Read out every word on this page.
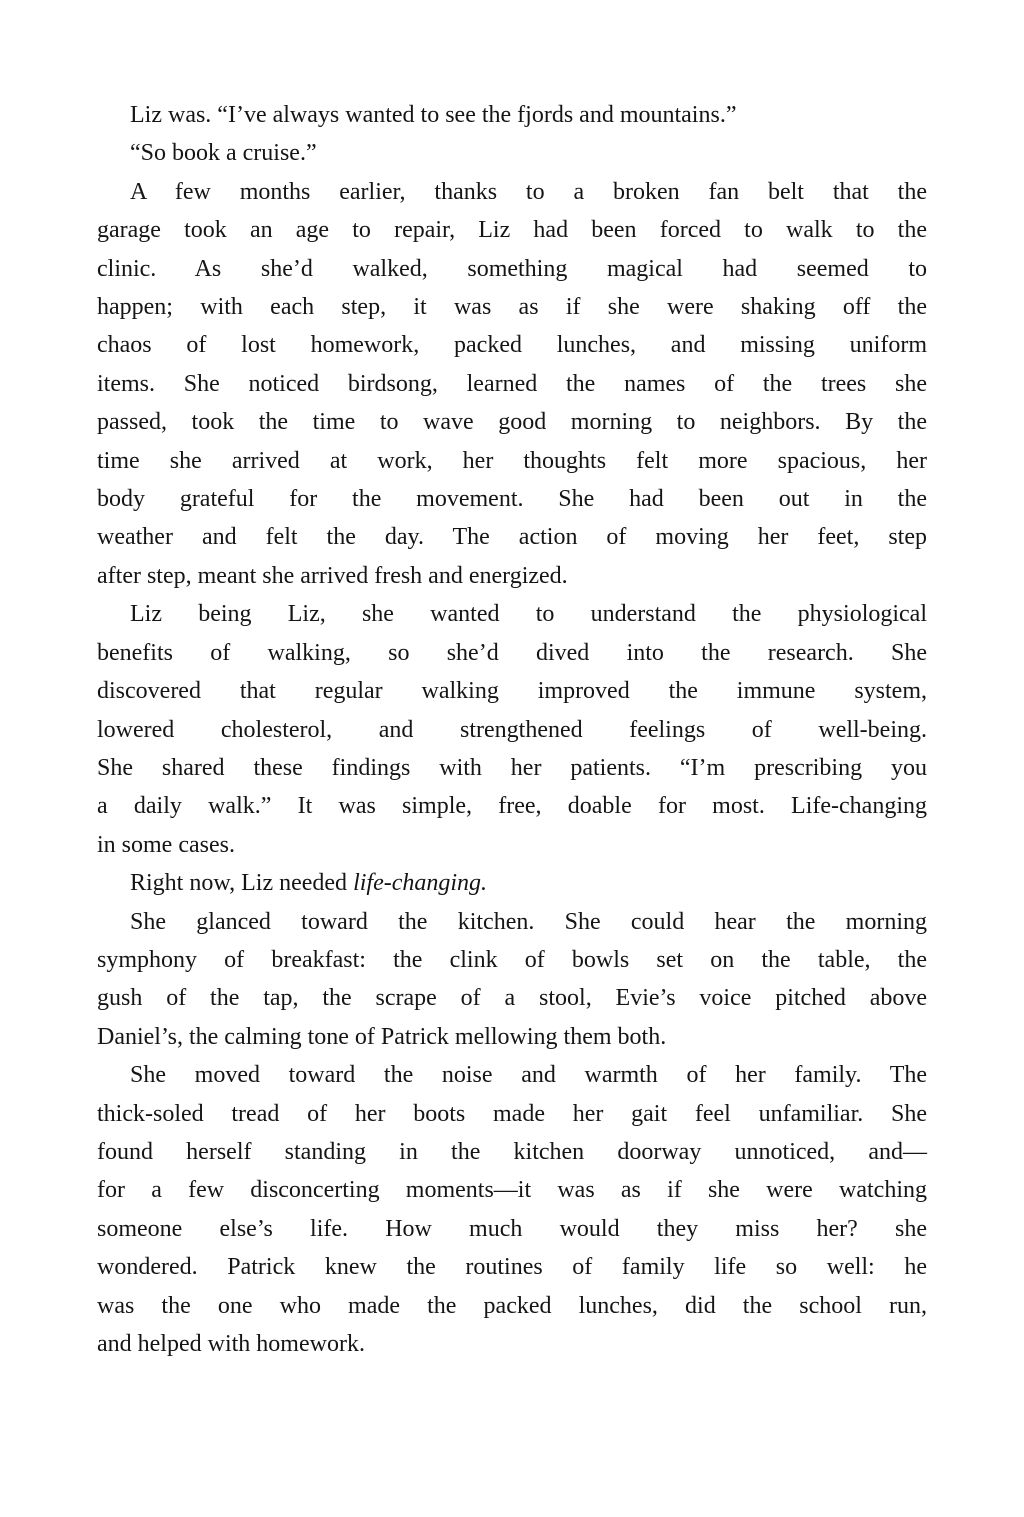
Liz was. “I’ve always wanted to see the fjords and mountains.”
“So book a cruise.”
A few months earlier, thanks to a broken fan belt that the
garage took an age to repair, Liz had been forced to walk to the
clinic. As she’d walked, something magical had seemed to
happen; with each step, it was as if she were shaking off the
chaos of lost homework, packed lunches, and missing uniform
items. She noticed birdsong, learned the names of the trees she
passed, took the time to wave good morning to neighbors. By the
time she arrived at work, her thoughts felt more spacious, her
body grateful for the movement. She had been out in the
weather and felt the day. The action of moving her feet, step
after step, meant she arrived fresh and energized.
Liz being Liz, she wanted to understand the physiological
benefits of walking, so she’d dived into the research. She
discovered that regular walking improved the immune system,
lowered cholesterol, and strengthened feelings of well-being.
She shared these findings with her patients. “I’m prescribing you
a daily walk.” It was simple, free, doable for most. Life-changing
in some cases.
Right now, Liz needed life-changing.
She glanced toward the kitchen. She could hear the morning
symphony of breakfast: the clink of bowls set on the table, the
gush of the tap, the scrape of a stool, Evie’s voice pitched above
Daniel’s, the calming tone of Patrick mellowing them both.
She moved toward the noise and warmth of her family. The
thick-soled tread of her boots made her gait feel unfamiliar. She
found herself standing in the kitchen doorway unnoticed, and—
for a few disconcerting moments—it was as if she were watching
someone else’s life. How much would they miss her? she
wondered. Patrick knew the routines of family life so well: he
was the one who made the packed lunches, did the school run,
and helped with homework.
